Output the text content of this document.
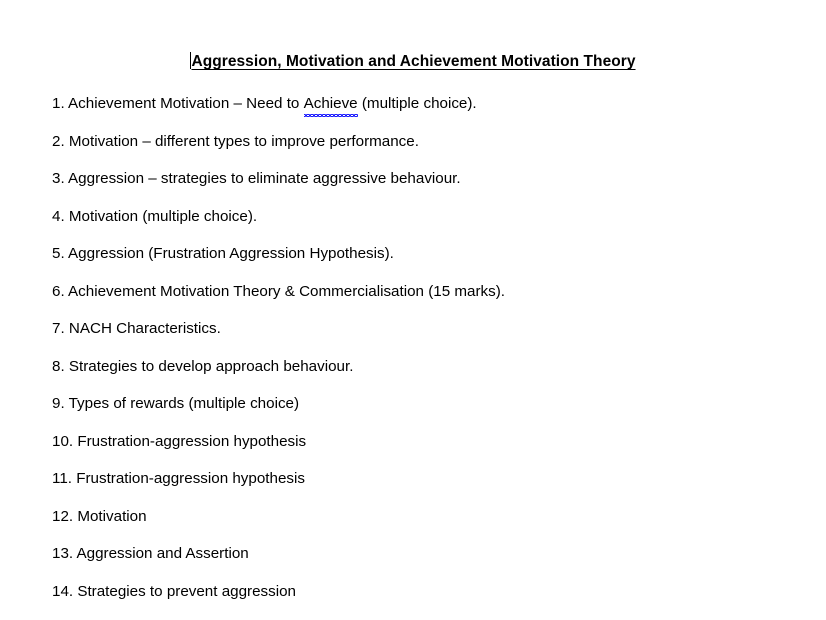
Aggression, Motivation and Achievement Motivation Theory
1. Achievement Motivation – Need to Achieve (multiple choice).
2. Motivation – different types to improve performance.
3. Aggression – strategies to eliminate aggressive behaviour.
4. Motivation (multiple choice).
5. Aggression (Frustration Aggression Hypothesis).
6. Achievement Motivation Theory & Commercialisation (15 marks).
7. NACH Characteristics.
8. Strategies to develop approach behaviour.
9. Types of rewards (multiple choice)
10. Frustration-aggression hypothesis
11. Frustration-aggression hypothesis
12. Motivation
13. Aggression and Assertion
14. Strategies to prevent aggression
